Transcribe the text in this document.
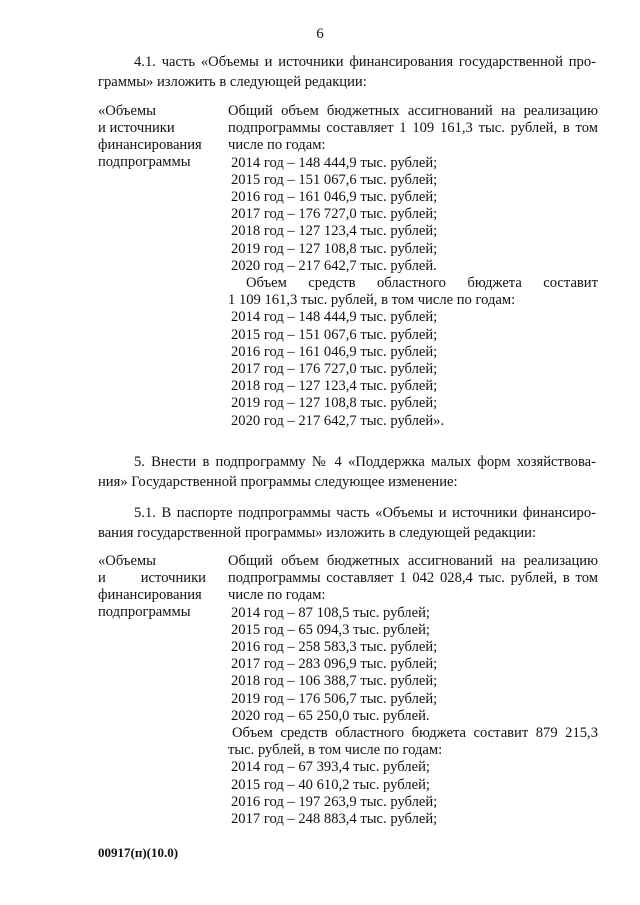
6
4.1. часть «Объемы и источники финансирования государственной про-
граммы» изложить в следующей редакции:
«Объемы
и источники
финансирования
подпрограммы
Общий объем бюджетных ассигнований на реализацию
подпрограммы составляет 1 109 161,3 тыс. рублей, в том
числе по годам:
2014 год – 148 444,9 тыс. рублей;
2015 год – 151 067,6 тыс. рублей;
2016 год – 161 046,9 тыс. рублей;
2017 год – 176 727,0 тыс. рублей;
2018 год – 127 123,4 тыс. рублей;
2019 год – 127 108,8 тыс. рублей;
2020 год – 217 642,7 тыс. рублей.
Объем средств областного бюджета составит
1 109 161,3 тыс. рублей, в том числе по годам:
2014 год – 148 444,9 тыс. рублей;
2015 год – 151 067,6 тыс. рублей;
2016 год – 161 046,9 тыс. рублей;
2017 год – 176 727,0 тыс. рублей;
2018 год – 127 123,4 тыс. рублей;
2019 год – 127 108,8 тыс. рублей;
2020 год – 217 642,7 тыс. рублей».
5. Внести в подпрограмму № 4 «Поддержка малых форм хозяйствова-
ния» Государственной программы следующее изменение:
5.1. В паспорте подпрограммы часть «Объемы и источники финансиро-
вания государственной программы» изложить в следующей редакции:
«Объемы
и источники
финансирования
подпрограммы
Общий объем бюджетных ассигнований на реализацию
подпрограммы составляет 1 042 028,4 тыс. рублей, в том
числе по годам:
2014 год – 87 108,5 тыс. рублей;
2015 год – 65 094,3 тыс. рублей;
2016 год – 258 583,3 тыс. рублей;
2017 год – 283 096,9 тыс. рублей;
2018 год – 106 388,7 тыс. рублей;
2019 год – 176 506,7 тыс. рублей;
2020 год – 65 250,0 тыс. рублей.
Объем средств областного бюджета составит 879 215,3
тыс. рублей, в том числе по годам:
2014 год – 67 393,4 тыс. рублей;
2015 год – 40 610,2 тыс. рублей;
2016 год – 197 263,9 тыс. рублей;
2017 год – 248 883,4 тыс. рублей;
00917(п)(10.0)
